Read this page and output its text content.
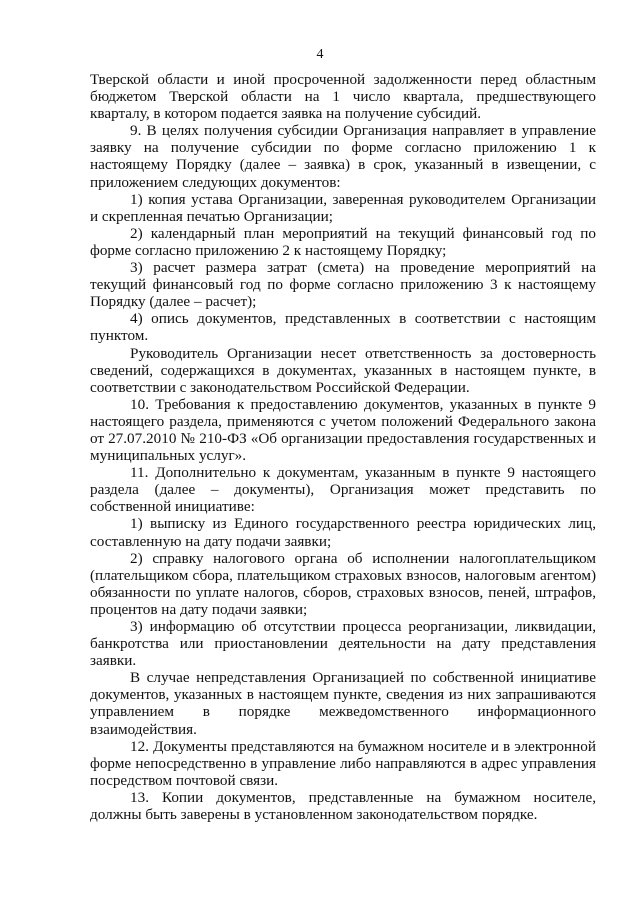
4

Тверской области и иной просроченной задолженности перед областным бюджетом Тверской области на 1 число квартала, предшествующего кварталу, в котором подается заявка на получение субсидий.

9. В целях получения субсидии Организация направляет в управление заявку на получение субсидии по форме согласно приложению 1 к настоящему Порядку (далее – заявка) в срок, указанный в извещении, с приложением следующих документов:

1) копия устава Организации, заверенная руководителем Организации и скрепленная печатью Организации;

2) календарный план мероприятий на текущий финансовый год по форме согласно приложению 2 к настоящему Порядку;

3) расчет размера затрат (смета) на проведение мероприятий на текущий финансовый год по форме согласно приложению 3 к настоящему Порядку (далее – расчет);

4) опись документов, представленных в соответствии с настоящим пунктом.

Руководитель Организации несет ответственность за достоверность сведений, содержащихся в документах, указанных в настоящем пункте, в соответствии с законодательством Российской Федерации.

10. Требования к предоставлению документов, указанных в пункте 9 настоящего раздела, применяются с учетом положений Федерального закона от 27.07.2010 № 210-ФЗ «Об организации предоставления государственных и муниципальных услуг».

11. Дополнительно к документам, указанным в пункте 9 настоящего раздела (далее – документы), Организация может представить по собственной инициативе:

1) выписку из Единого государственного реестра юридических лиц, составленную на дату подачи заявки;

2) справку налогового органа об исполнении налогоплательщиком (плательщиком сбора, плательщиком страховых взносов, налоговым агентом) обязанности по уплате налогов, сборов, страховых взносов, пеней, штрафов, процентов на дату подачи заявки;

3) информацию об отсутствии процесса реорганизации, ликвидации, банкротства или приостановлении деятельности на дату представления заявки.

В случае непредставления Организацией по собственной инициативе документов, указанных в настоящем пункте, сведения из них запрашиваются управлением в порядке межведомственного информационного взаимодействия.

12. Документы представляются на бумажном носителе и в электронной форме непосредственно в управление либо направляются в адрес управления посредством почтовой связи.

13. Копии документов, представленные на бумажном носителе, должны быть заверены в установленном законодательством порядке.
